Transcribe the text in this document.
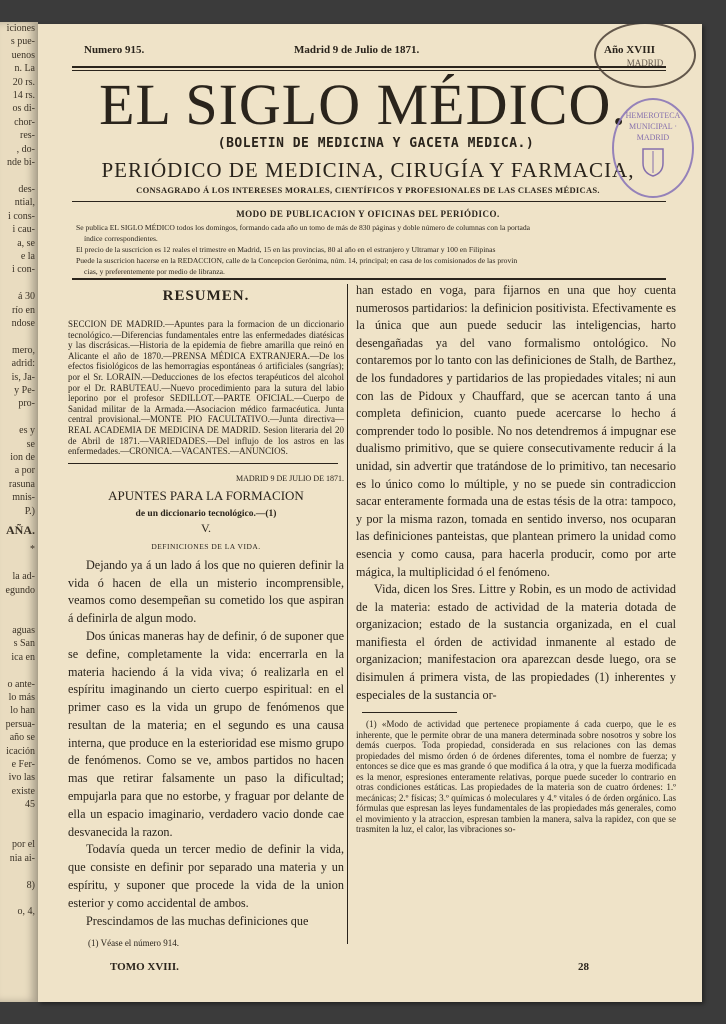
iciones
s pue-
uenos
n. La
20 rs.
14 rs.
os di-
chor-
res-
, do-
nde bi-

des-
ntial,
i cons-
i cau-
a, se
e la
i con-

á 30
río en
ndose

mero,
adrid:
is, Ja-
y Pe-
pro-

es y
se
ion de
a por
rasuna
mnis-
P.)
AÑA.
*

la ad-
egundo

aguas
s San
ica en

o ante-
lo más
lo han
persua-
año se
icación
e Fer-
ivo las
existe
45

por el
nia ai-

8)

o, 4,
Numero 915.	Madrid 9 de Julio de 1871.	Año XVIII
EL SIGLO MÉDICO.
(BOLETIN DE MEDICINA Y GACETA MEDICA.)
PERIÓDICO DE MEDICINA, CIRUGÍA Y FARMACIA,
CONSAGRADO Á LOS INTERESES MORALES, CIENTÍFICOS Y PROFESIONALES DE LAS CLASES MÉDICAS.
MODO DE PUBLICACION Y OFICINAS DEL PERIÓDICO.
Se publica EL SIGLO MÉDICO todos los domingos, formando cada año un tomo de más de 830 páginas y doble número de columnas con la portada
índice correspondientes.
El precio de la suscricion es 12 reales el trimestre en Madrid, 15 en las provincias, 80 al año en el estranjero y Ultramar y 100 en Filipinas
Puede la suscricion hacerse en la REDACCION, calle de la Concepcion Gerónima, núm. 14, principal; en casa de los comisionados de las provin
cias, y preferentemente por medio de libranza.
MADRID
HEMEROTECA MUNICIPAL · MADRID
RESUMEN.
SECCION DE MADRID.—Apuntes para la formacion de un diccionario tecnológico.—Diferencias fundamentales entre las enfermedades diatésicas y las discrásicas.—Historia de la epidemia de fiebre amarilla que reinó en Alicante el año de 1870.—PRENSA MÉDICA EXTRANJERA.—De los efectos fisiológicos de las hemorragias espontáneas ó artificiales (sangrías); por el Sr. LORAIN.—Deducciones de los efectos terapéuticos del alcohol por el Dr. RABUTEAU.—Nuevo procedimiento para la sutura del labio leporino por el profesor SEDILLOT.—PARTE OFICIAL.—Cuerpo de Sanidad militar de la Armada.—Asociacion médico farmacéutica. Junta central provisional.—MONTE PIO FACULTATIVO.—Junta directiva—REAL ACADEMIA DE MEDICINA DE MADRID. Sesion literaria del 20 de Abril de 1871.—VARIEDADES.—Del influjo de los astros en las enfermedades.—CRONICA.—VACANTES.—ANUNCIOS.
MADRID 9 DE JULIO DE 1871.
APUNTES PARA LA FORMACION
de un diccionario tecnológico.—(1)
V.
DEFINICIONES DE LA VIDA.

Dejando ya á un lado á los que no quieren definir la vida ó hacen de ella un misterio incomprensible, veamos como desempeñan su cometido los que aspiran á definirla de algun modo.

Dos únicas maneras hay de definir, ó de suponer que se define, completamente la vida: encerrarla en la materia haciendo á la vida viva; ó realizarla en el espíritu imaginando un cierto cuerpo espiritual: en el primer caso es la vida un grupo de fenómenos que resultan de la materia; en el segundo es una causa interna, que produce en la esterioridad ese mismo grupo de fenómenos. Como se ve, ambos partidos no hacen mas que retirar falsamente un paso la dificultad; empujarla para que no estorbe, y fraguar por delante de ella un espacio imaginario, verdadero vacio donde cae desvanecida la razon.

Todavía queda un tercer medio de definir la vida, que consiste en definir por separado una materia y un espíritu, y suponer que procede la vida de la union esterior y como accidental de ambos.

Prescindamos de las muchas definiciones que

(1) Véase el número 914.

han estado en voga, para fijarnos en una que hoy cuenta numerosos partidarios: la definicion positivista. Efectivamente es la única que aun puede seducir las inteligencias, harto desengañadas ya del vano formalismo ontológico. No contaremos por lo tanto con las definiciones de Stalh, de Barthez, de los fundadores y partidarios de las propiedades vitales; ni aun con las de Pidoux y Chauffard, que se acercan tanto á una completa definicion, cuanto puede acercarse lo hecho á comprender todo lo posible. No nos detendremos á impugnar ese dualismo primitivo, que se quiere consecutivamente reducir á la unidad, sin advertir que tratándose de lo primitivo, tan necesario es lo único como lo múltiple, y no se puede sin contradiccion sacar enteramente formada una de estas tésis de la otra: tampoco, y por la misma razon, tomada en sentido inverso, nos ocuparan las definiciones panteistas, que plantean primero la unidad como esencia y como causa, para hacerla producir, como por arte mágica, la multiplicidad ó el fenómeno.

Vida, dicen los Sres. Littre y Robin, es un modo de actividad de la materia: estado de actividad de la materia dotada de organizacion; estado de la sustancia organizada, en el cual manifiesta el órden de actividad inmanente al estado de organizacion; manifestacion ora aparezcan desde luego, ora se disimulen á primera vista, de las propiedades (1) inherentes y especiales de la sustancia or-

(1) «Modo de actividad que pertenece propiamente á cada cuerpo, que le es inherente, que le permite obrar de una manera determinada sobre nosotros y sobre los demás cuerpos. Toda propiedad, considerada en sus relaciones con las demas propiedades del mismo órden ó de órdenes diferentes, toma el nombre de fuerza; y entonces se dice que es mas grande ó que modifica á la otra, y que la fuerza modificada es la menor, espresiones enteramente relativas, porque puede suceder lo contrario en otras condiciones estáticas. Las propiedades de la materia son de cuatro órdenes: 1.º mecánicas; 2.º físicas; 3.º químicas ó moleculares y 4.º vitales ó de órden orgánico. Las fórmulas que espresan las leyes fundamentales de las propiedades más generales, como el movimiento y la atraccion, espresan tambien la manera, salva la rapidez, con que se trasmiten la luz, el calor, las vibraciones so-
TOMO XVIII.	28
